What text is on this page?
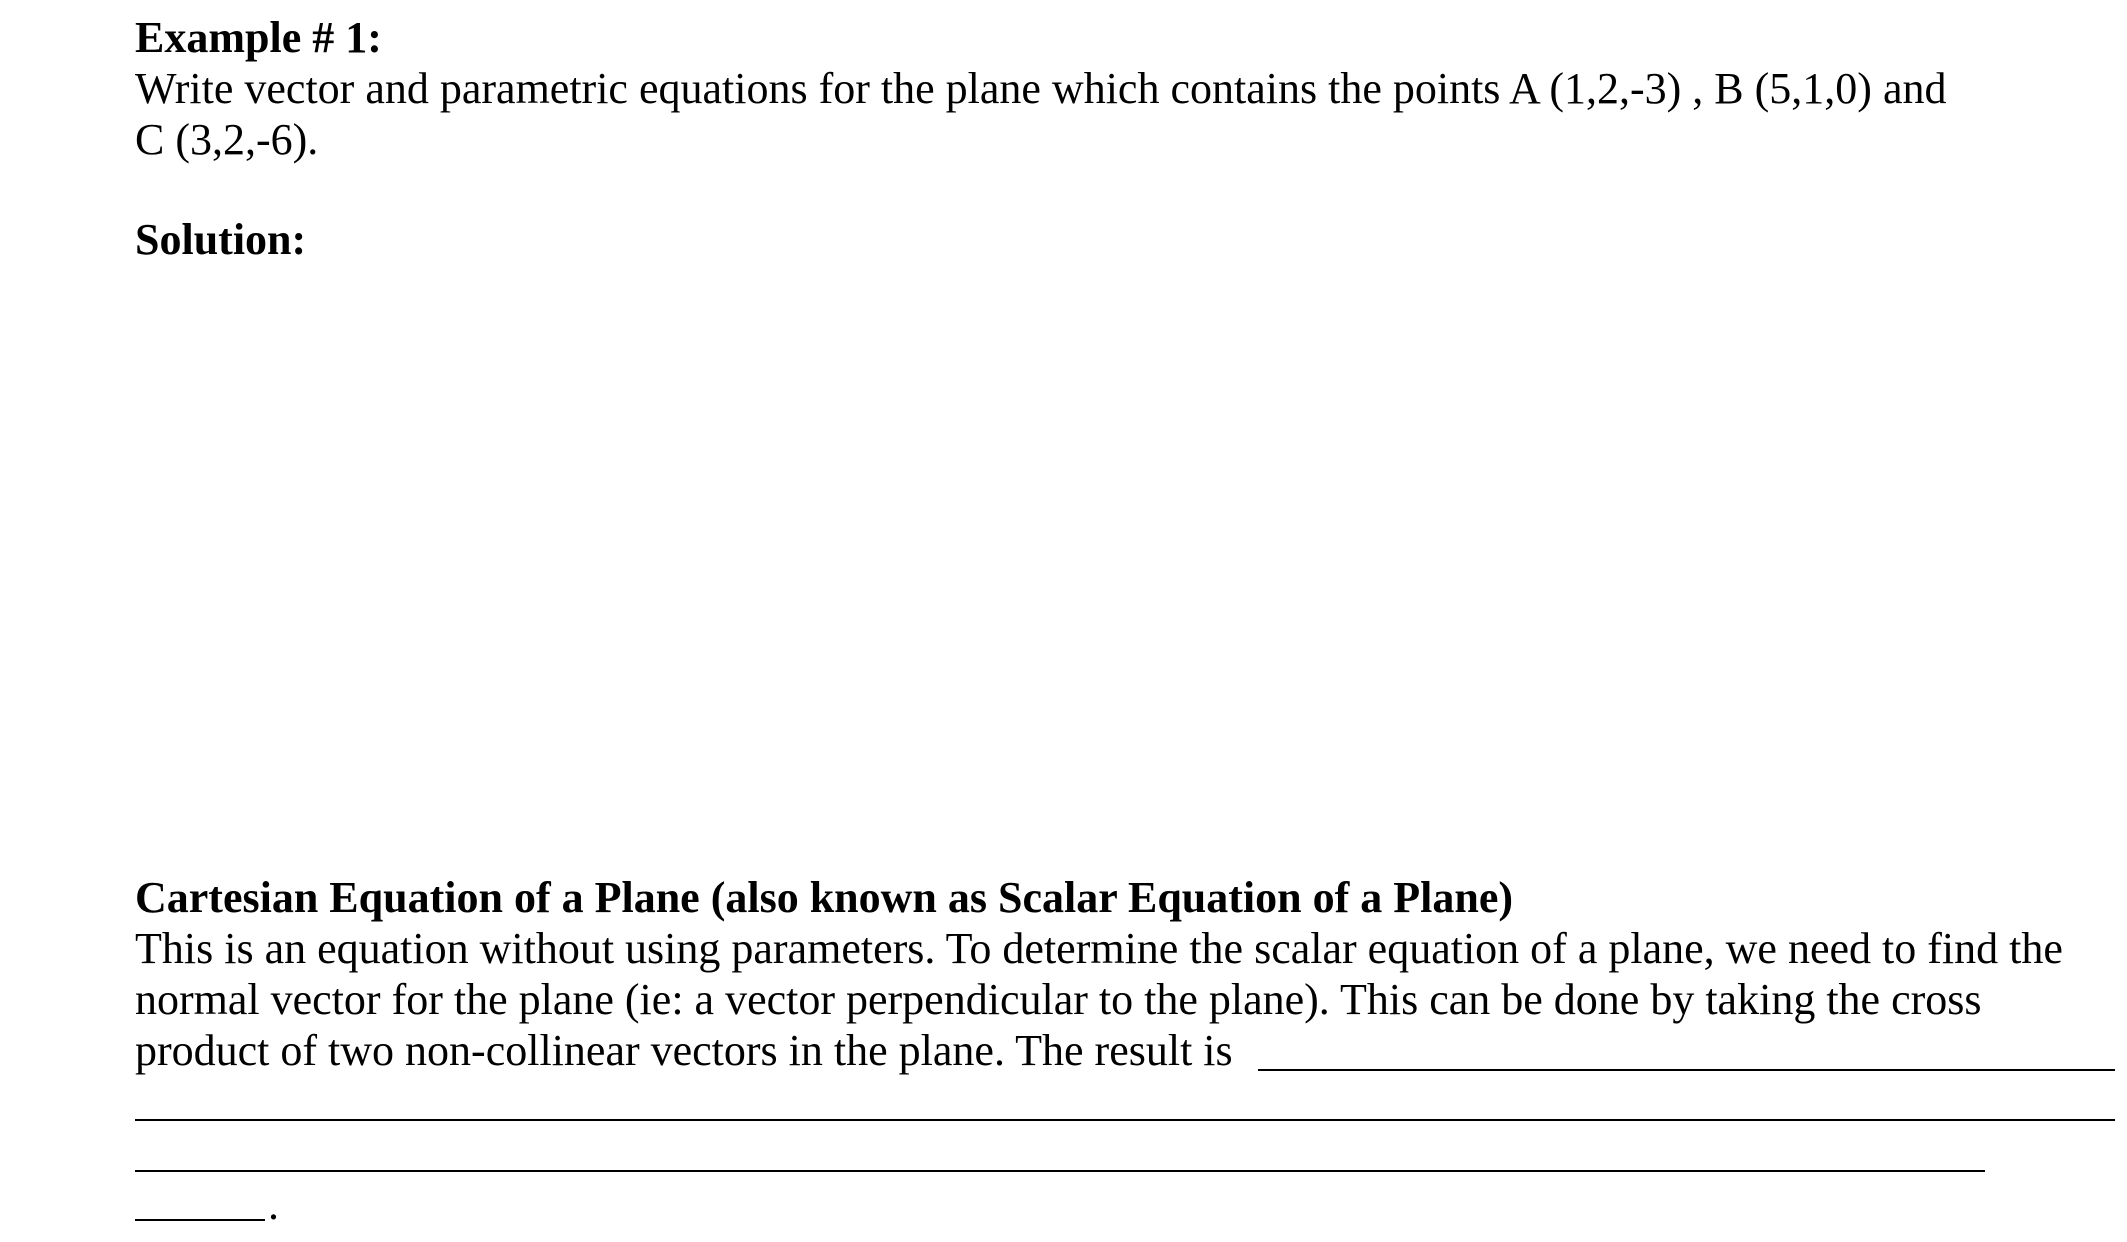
Example # 1:
Write vector and parametric equations for the plane which contains the points A (1,2,-3) , B (5,1,0) and
C (3,2,-6).
Solution:
Cartesian Equation of a Plane (also known as Scalar Equation of a Plane)
This is an equation without using parameters. To determine the scalar equation of a plane, we need to find the
normal vector for the plane (ie: a vector perpendicular to the plane). This can be done by taking the cross
product of two non-collinear vectors in the plane. The result is
.
